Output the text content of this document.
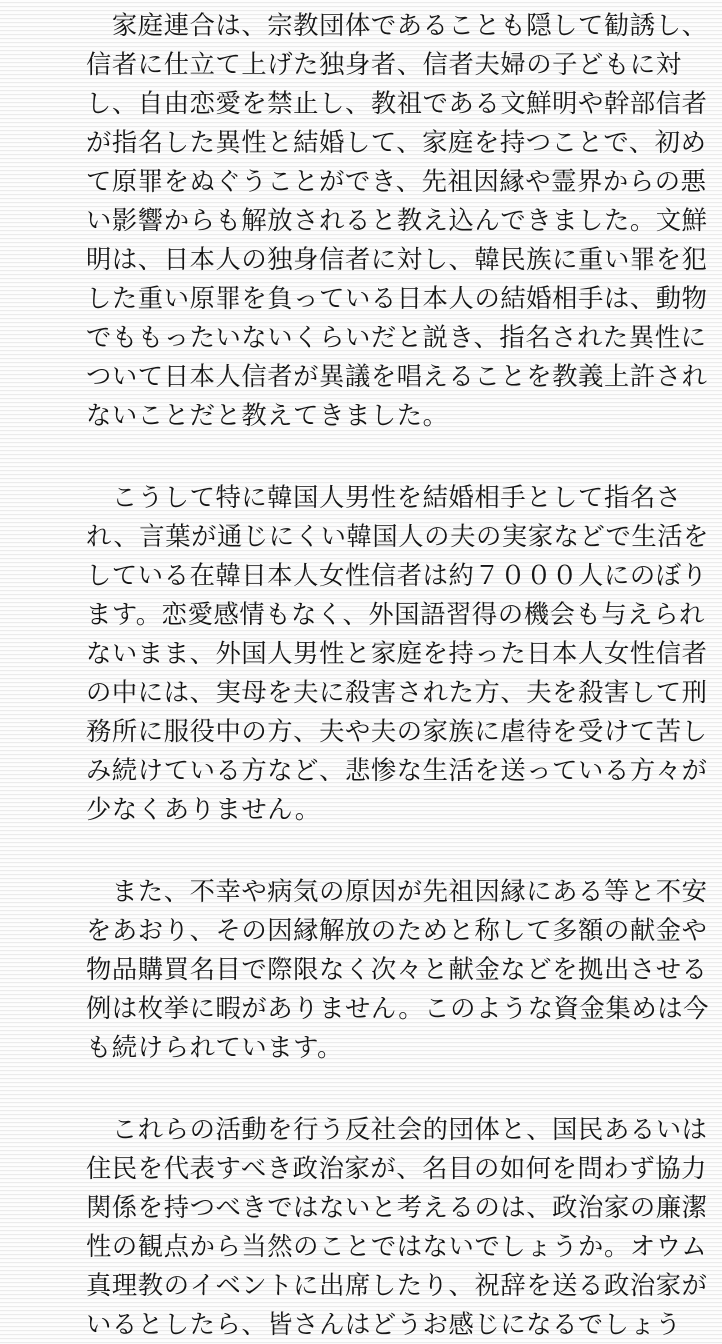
　家庭連合は、宗教団体であることも隠して勧誘し、
信者に仕立て上げた独身者、信者夫婦の子どもに対
し、自由恋愛を禁止し、教祖である文鮮明や幹部信者
が指名した異性と結婚して、家庭を持つことで、初め
て原罪をぬぐうことができ、先祖因縁や霊界からの悪
い影響からも解放されると教え込んできました。文鮮
明は、日本人の独身信者に対し、韓民族に重い罪を犯
した重い原罪を負っている日本人の結婚相手は、動物
でももったいないくらいだと説き、指名された異性に
ついて日本人信者が異議を唱えることを教義上許され
ないことだと教えてきました。

　こうして特に韓国人男性を結婚相手として指名さ
れ、言葉が通じにくい韓国人の夫の実家などで生活を
している在韓日本人女性信者は約７０００人にのぼり
ます。恋愛感情もなく、外国語習得の機会も与えられ
ないまま、外国人男性と家庭を持った日本人女性信者
の中には、実母を夫に殺害された方、夫を殺害して刑
務所に服役中の方、夫や夫の家族に虐待を受けて苦し
み続けている方など、悲惨な生活を送っている方々が
少なくありません。

　また、不幸や病気の原因が先祖因縁にある等と不安
をあおり、その因縁解放のためと称して多額の献金や
物品購買名目で際限なく次々と献金などを拠出させる
例は枚挙に暇がありません。このような資金集めは今
も続けられています。

　これらの活動を行う反社会的団体と、国民あるいは
住民を代表すべき政治家が、名目の如何を問わず協力
関係を持つべきではないと考えるのは、政治家の廉潔
性の観点から当然のことではないでしょうか。オウム
真理教のイベントに出席したり、祝辞を送る政治家が
いるとしたら、皆さんはどうお感じになるでしょう
